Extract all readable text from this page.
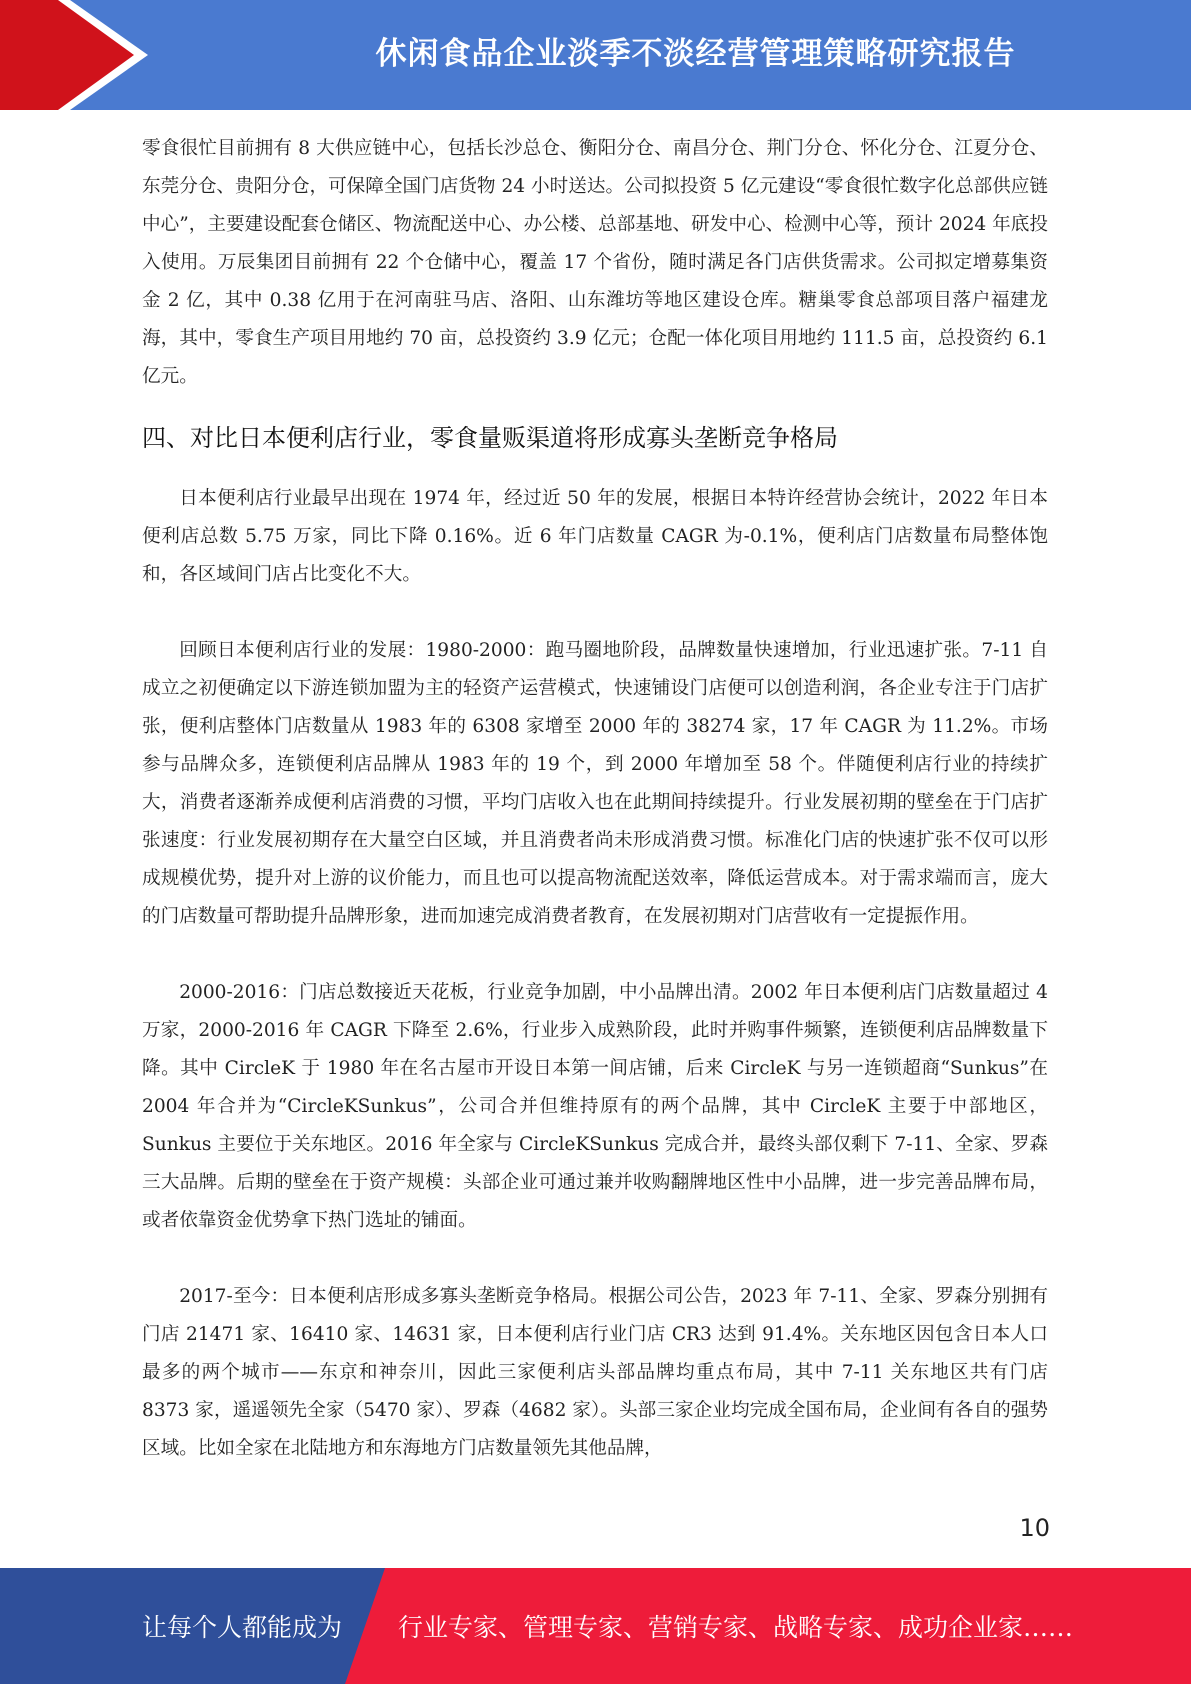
休闲食品企业淡季不淡经营管理策略研究报告

零食很忙目前拥有 8 大供应链中心，包括长沙总仓、衡阳分仓、南昌分仓、荆门分仓、怀化分仓、江夏分仓、东莞分仓、贵阳分仓，可保障全国门店货物 24 小时送达。公司拟投资 5 亿元建设“零食很忙数字化总部供应链中心”，主要建设配套仓储区、物流配送中心、办公楼、总部基地、研发中心、检测中心等，预计 2024 年底投入使用。万辰集团目前拥有 22 个仓储中心，覆盖 17 个省份，随时满足各门店供货需求。公司拟定增募集资金 2 亿，其中 0.38 亿用于在河南驻马店、洛阳、山东潍坊等地区建设仓库。糖巢零食总部项目落户福建龙海，其中，零食生产项目用地约 70 亩，总投资约 3.9 亿元；仓配一体化项目用地约 111.5 亩，总投资约 6.1 亿元。

四、对比日本便利店行业，零食量贩渠道将形成寡头垄断竞争格局

日本便利店行业最早出现在 1974 年，经过近 50 年的发展，根据日本特许经营协会统计，2022 年日本便利店总数 5.75 万家，同比下降 0.16%。近 6 年门店数量 CAGR 为-0.1%，便利店门店数量布局整体饱和，各区域间门店占比变化不大。

回顾日本便利店行业的发展：1980-2000：跑马圈地阶段，品牌数量快速增加，行业迅速扩张。7-11 自成立之初便确定以下游连锁加盟为主的轻资产运营模式，快速铺设门店便可以创造利润，各企业专注于门店扩张，便利店整体门店数量从 1983 年的 6308 家增至 2000 年的 38274 家，17 年 CAGR 为 11.2%。市场参与品牌众多，连锁便利店品牌从 1983 年的 19 个，到 2000 年增加至 58 个。伴随便利店行业的持续扩大，消费者逐渐养成便利店消费的习惯，平均门店收入也在此期间持续提升。行业发展初期的壁垒在于门店扩张速度：行业发展初期存在大量空白区域，并且消费者尚未形成消费习惯。标准化门店的快速扩张不仅可以形成规模优势，提升对上游的议价能力，而且也可以提高物流配送效率，降低运营成本。对于需求端而言，庞大的门店数量可帮助提升品牌形象，进而加速完成消费者教育，在发展初期对门店营收有一定提振作用。

2000-2016：门店总数接近天花板，行业竞争加剧，中小品牌出清。2002 年日本便利店门店数量超过 4 万家，2000-2016 年 CAGR 下降至 2.6%，行业步入成熟阶段，此时并购事件频繁，连锁便利店品牌数量下降。其中 CircleK 于 1980 年在名古屋市开设日本第一间店铺，后来 CircleK 与另一连锁超商“Sunkus”在 2004 年合并为“CircleKSunkus”，公司合并但维持原有的两个品牌，其中 CircleK 主要于中部地区，Sunkus 主要位于关东地区。2016 年全家与 CircleKSunkus 完成合并，最终头部仅剩下 7-11、全家、罗森三大品牌。后期的壁垒在于资产规模：头部企业可通过兼并收购翻牌地区性中小品牌，进一步完善品牌布局，或者依靠资金优势拿下热门选址的铺面。

2017-至今：日本便利店形成多寡头垄断竞争格局。根据公司公告，2023 年 7-11、全家、罗森分别拥有门店 21471 家、16410 家、14631 家，日本便利店行业门店 CR3 达到 91.4%。关东地区因包含日本人口最多的两个城市——东京和神奈川，因此三家便利店头部品牌均重点布局，其中 7-11 关东地区共有门店 8373 家，遥遥领先全家（5470 家）、罗森（4682 家）。头部三家企业均完成全国布局，企业间有各自的强势区域。比如全家在北陆地方和东海地方门店数量领先其他品牌，

10
让每个人都能成为 行业专家、管理专家、营销专家、战略专家、成功企业家……
